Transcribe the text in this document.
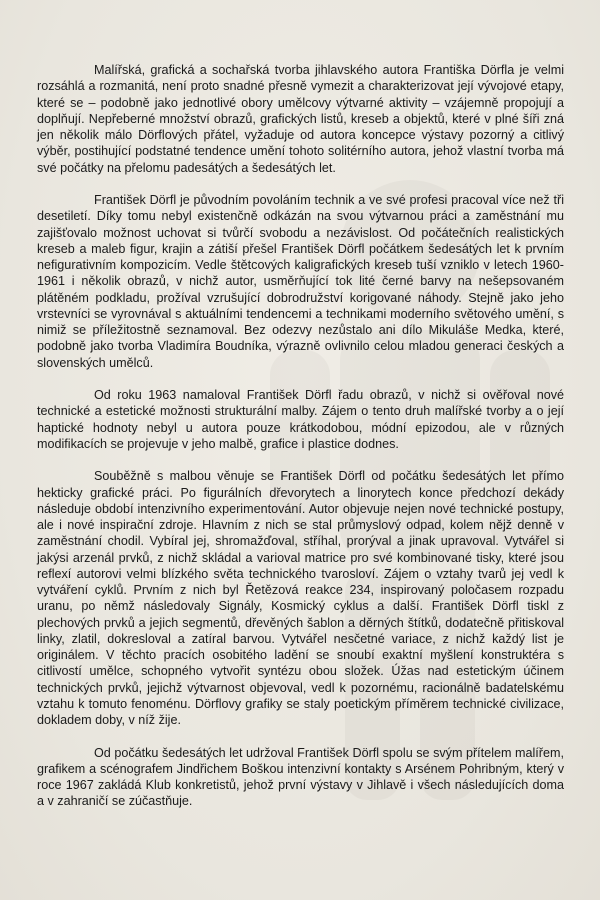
Malířská, grafická a sochařská tvorba jihlavského autora Františka Dörfla je velmi rozsáhlá a rozmanitá, není proto snadné přesně vymezit a charakterizovat její vývojové etapy, které se – podobně jako jednotlivé obory umělcovy výtvarné aktivity – vzájemně propojují a doplňují. Nepřeberné množství obrazů, grafických listů, kreseb a objektů, které v plné šíři zná jen několik málo Dörflových přátel, vyžaduje od autora koncepce výstavy pozorný a citlivý výběr, postihující podstatné tendence umění tohoto solitérního autora, jehož vlastní tvorba má své počátky na přelomu padesátých a šedesátých let.

František Dörfl je původním povoláním technik a ve své profesi pracoval více než tři desetiletí. Díky tomu nebyl existenčně odkázán na svou výtvarnou práci a zaměstnání mu zajišťovalo možnost uchovat si tvůrčí svobodu a nezávislost. Od počátečních realistických kreseb a maleb figur, krajin a zátiší přešel František Dörfl počátkem šedesátých let k prvním nefigurativním kompozicím. Vedle štětcových kaligrafických kreseb tuší vzniklo v letech 1960-1961 i několik obrazů, v nichž autor, usměrňující tok lité černé barvy na nešepsovaném plátěném podkladu, prožíval vzrušující dobrodružství korigované náhody. Stejně jako jeho vrstevníci se vyrovnával s aktuálními tendencemi a technikami moderního světového umění, s nimiž se příležitostně seznamoval. Bez odezvy nezůstalo ani dílo Mikuláše Medka, které, podobně jako tvorba Vladimíra Boudníka, výrazně ovlivnilo celou mladou generaci českých a slovenských umělců.

Od roku 1963 namaloval František Dörfl řadu obrazů, v nichž si ověřoval nové technické a estetické možnosti strukturální malby. Zájem o tento druh malířské tvorby a o její haptické hodnoty nebyl u autora pouze krátkodobou, módní epizodou, ale v různých modifikacích se projevuje v jeho malbě, grafice i plastice dodnes.

Souběžně s malbou věnuje se František Dörfl od počátku šedesátých let přímo hekticky grafické práci. Po figurálních dřevorytech a linorytech konce předchozí dekády následuje období intenzivního experimentování. Autor objevuje nejen nové technické postupy, ale i nové inspirační zdroje. Hlavním z nich se stal průmyslový odpad, kolem nějž denně v zaměstnání chodil. Vybíral jej, shromažďoval, stříhal, prorýval a jinak upravoval. Vytvářel si jakýsi arzenál prvků, z nichž skládal a varioval matrice pro své kombinované tisky, které jsou reflexí autorovi velmi blízkého světa technického tvarosloví. Zájem o vztahy tvarů jej vedl k vytváření cyklů. Prvním z nich byl Řetězová reakce 234, inspirovaný poločasem rozpadu uranu, po němž následovaly Signály, Kosmický cyklus a další. František Dörfl tiskl z plechových prvků a jejich segmentů, dřevěných šablon a děrných štítků, dodatečně přitiskoval linky, zlatil, dokresloval a zatíral barvou. Vytvářel nesčetné variace, z nichž každý list je originálem. V těchto pracích osobitého ladění se snoubí exaktní myšlení konstruktéra s citlivostí umělce, schopného vytvořit syntézu obou složek. Úžas nad estetickým účinem technických prvků, jejichž výtvarnost objevoval, vedl k pozornému, racionálně badatelskému vztahu k tomuto fenoménu. Dörflovy grafiky se staly poetickým příměrem technické civilizace, dokladem doby, v níž žije.

Od počátku šedesátých let udržoval František Dörfl spolu se svým přítelem malířem, grafikem a scénografem Jindřichem Boškou intenzivní kontakty s Arsénem Pohribným, který v roce 1967 zakládá Klub konkretistů, jehož první výstavy v Jihlavě i všech následujících doma a v zahraničí se zúčastňuje.
